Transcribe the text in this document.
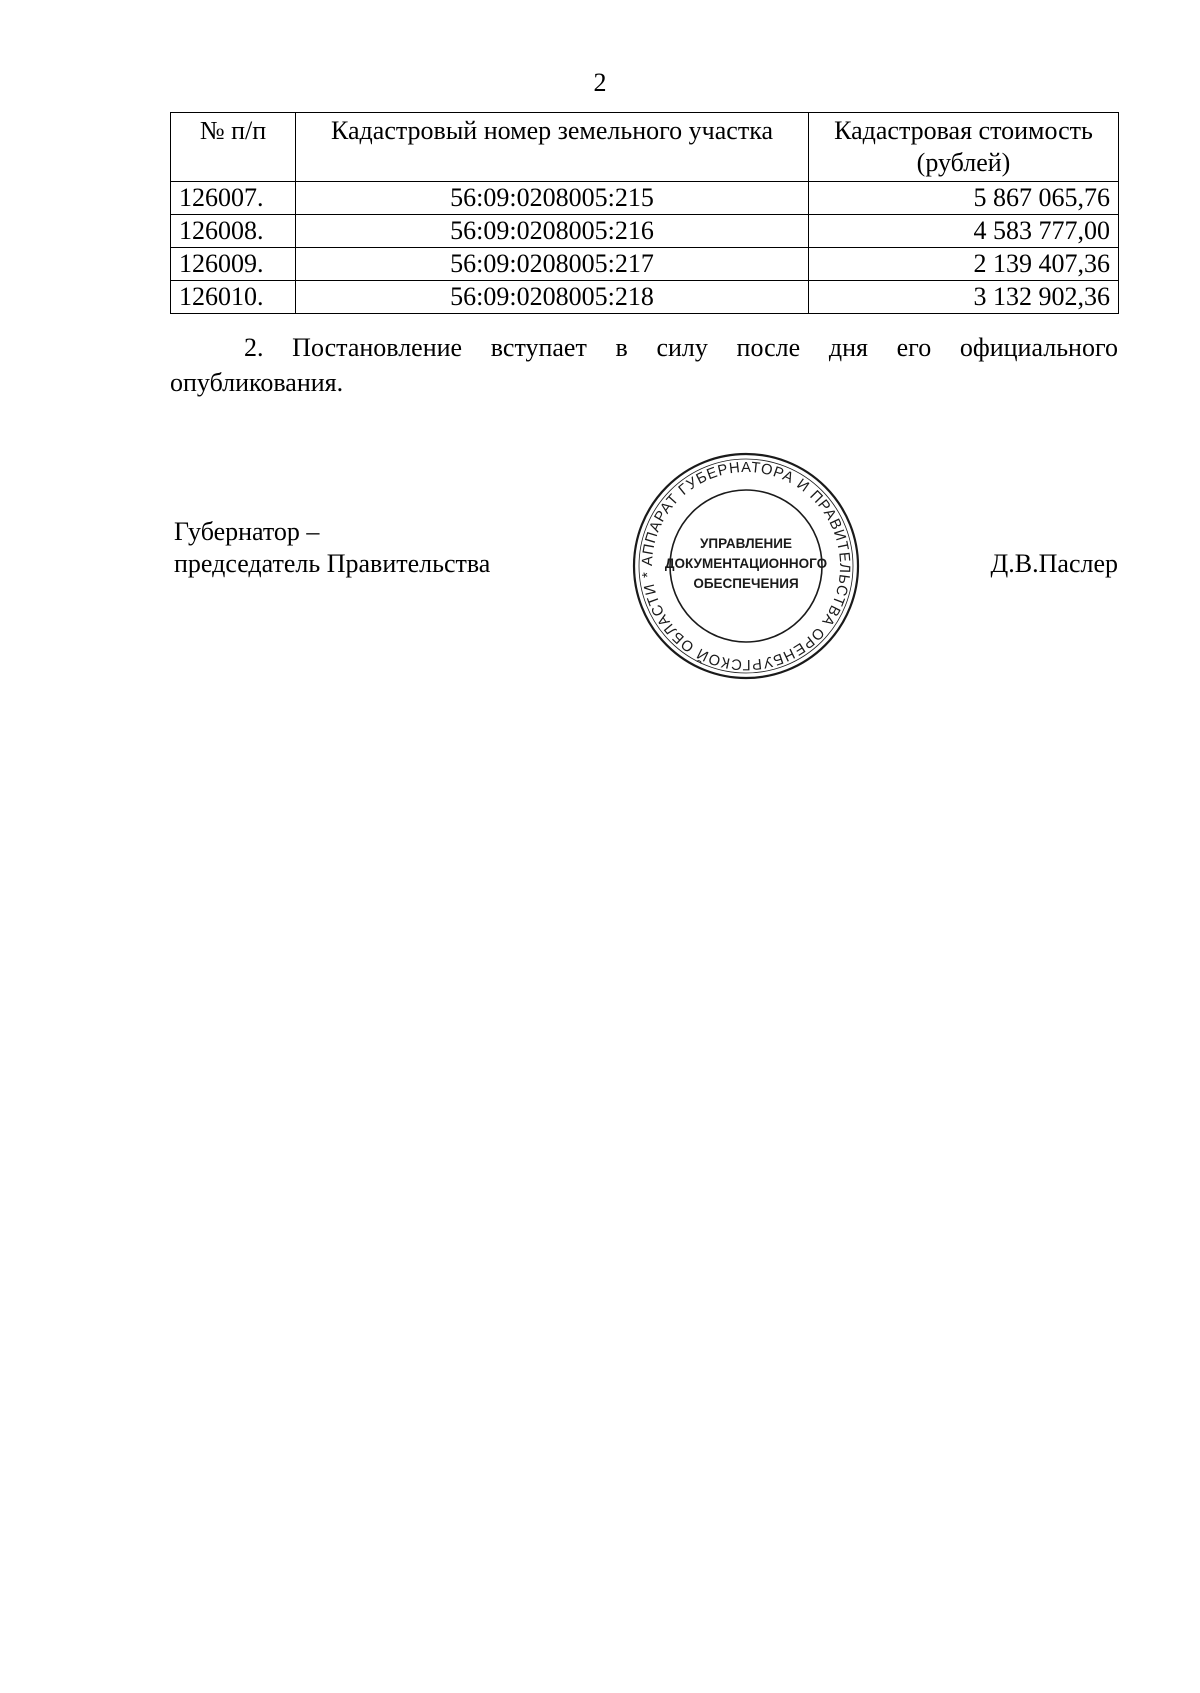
2
№ п/п	Кадастровый номер земельного участка	Кадастровая стоимость (рублей)
126007.	56:09:0208005:215	5 867 065,76
126008.	56:09:0208005:216	4 583 777,00
126009.	56:09:0208005:217	2 139 407,36
126010.	56:09:0208005:218	3 132 902,36

2. Постановление вступает в силу после дня его официального опубликования.

Губернатор –
председатель Правительства	АППАРАТ ГУБЕРНАТОРА И ПРАВИТЕЛЬСТВА ОРЕНБУРГСКОЙ ОБЛАСТИ *
УПРАВЛЕНИЕ
ДОКУМЕНТАЦИОННОГО
ОБЕСПЕЧЕНИЯ
Д.В.Паслер
